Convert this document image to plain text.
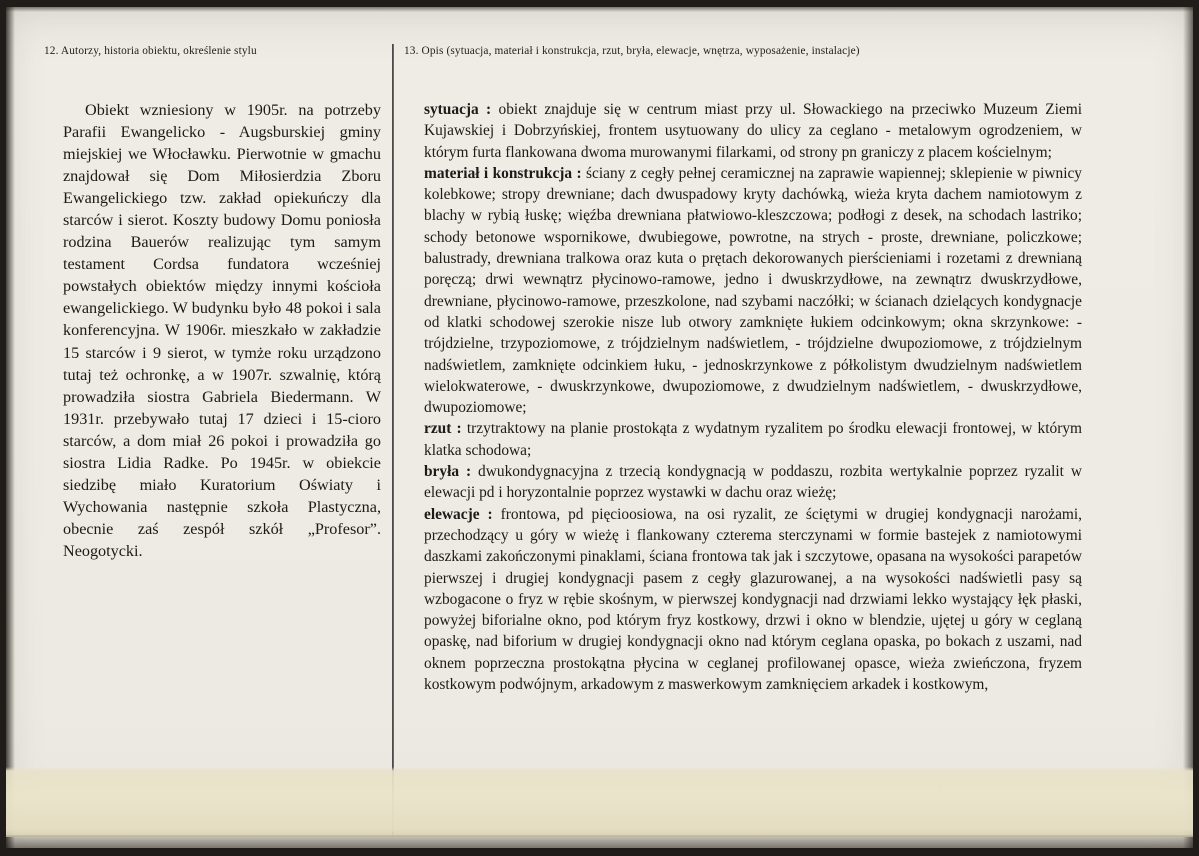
12. Autorzy, historia obiektu, określenie stylu	13. Opis (sytuacja, materiał i konstrukcja, rzut, bryła, elewacje, wnętrza, wyposażenie, instalacje)

Obiekt wzniesiony w 1905r. na potrzeby Parafii Ewangelicko - Augsburskiej gminy miejskiej we Włocławku. Pierwotnie w gmachu znajdował się Dom Miłosierdzia Zboru Ewangelickiego tzw. zakład opiekuńczy dla starców i sierot. Koszty budowy Domu poniosła rodzina Bauerów realizując tym samym testament Cordsa fundatora wcześniej powstałych obiektów między innymi kościoła ewangelickiego. W budynku było 48 pokoi i sala konferencyjna. W 1906r. mieszkało w zakładzie 15 starców i 9 sierot, w tymże roku urządzono tutaj też ochronkę, a w 1907r. szwalnię, którą prowadziła siostra Gabriela Biedermann. W 1931r. przebywało tutaj 17 dzieci i 15-cioro starców, a dom miał 26 pokoi i prowadziła go siostra Lidia Radke. Po 1945r. w obiekcie siedzibę miało Kuratorium Oświaty i Wychowania następnie szkoła Plastyczna, obecnie zaś zespół szkół „Profesor”. Neogotycki.

sytuacja : obiekt znajduje się w centrum miast przy ul. Słowackiego na przeciwko Muzeum Ziemi Kujawskiej i Dobrzyńskiej, frontem usytuowany do ulicy za ceglano - metalowym ogrodzeniem, w którym furta flankowana dwoma murowanymi filarkami, od strony pn graniczy z placem kościelnym;

materiał i konstrukcja : ściany z cegły pełnej ceramicznej na zaprawie wapiennej; sklepienie w piwnicy kolebkowe; stropy drewniane; dach dwuspadowy kryty dachówką, wieża kryta dachem namiotowym z blachy w rybią łuskę; więźba drewniana płatwiowo-kleszczowa; podłogi z desek, na schodach lastriko; schody betonowe wspornikowe, dwubiegowe, powrotne, na strych - proste, drewniane, policzkowe; balustrady, drewniana tralkowa oraz kuta o prętach dekorowanych pierścieniami i rozetami z drewnianą poręczą; drwi wewnątrz płycinowo-ramowe, jedno i dwuskrzydłowe, na zewnątrz dwuskrzydłowe, drewniane, płycinowo-ramowe, przeszkolone, nad szybami naczółki; w ścianach dzielących kondygnacje od klatki schodowej szerokie nisze lub otwory zamknięte łukiem odcinkowym; okna skrzynkowe: - trójdzielne, trzypoziomowe, z trójdzielnym nadświetlem, - trójdzielne dwupoziomowe, z trójdzielnym nadświetlem, zamknięte odcinkiem łuku, - jednoskrzynkowe z półkolistym dwudzielnym nadświetlem wielokwaterowe, - dwuskrzynkowe, dwupoziomowe, z dwudzielnym nadświetlem, - dwuskrzydłowe, dwupoziomowe;

rzut : trzytraktowy na planie prostokąta z wydatnym ryzalitem po środku elewacji frontowej, w którym klatka schodowa;

bryła : dwukondygnacyjna z trzecią kondygnacją w poddaszu, rozbita wertykalnie poprzez ryzalit w elewacji pd i horyzontalnie poprzez wystawki w dachu oraz wieżę;

elewacje : frontowa, pd pięcioosiowa, na osi ryzalit, ze ściętymi w drugiej kondygnacji narożami, przechodzący u góry w wieżę i flankowany czterema sterczynami w formie bastejek z namiotowymi daszkami zakończonymi pinaklami, ściana frontowa tak jak i szczytowe, opasana na wysokości parapetów pierwszej i drugiej kondygnacji pasem z cegły glazurowanej, a na wysokości nadświetli pasy są wzbogacone o fryz w rębie skośnym, w pierwszej kondygnacji nad drzwiami lekko wystający łęk płaski, powyżej biforialne okno, pod którym fryz kostkowy, drzwi i okno w blendzie, ujętej u góry w ceglaną opaskę, nad biforium w drugiej kondygnacji okno nad którym ceglana opaska, po bokach z uszami, nad oknem poprzeczna prostokątna płycina w ceglanej profilowanej opasce, wieża zwieńczona, fryzem kostkowym podwójnym, arkadowym z maswerkowym zamknięciem arkadek i kostkowym,
